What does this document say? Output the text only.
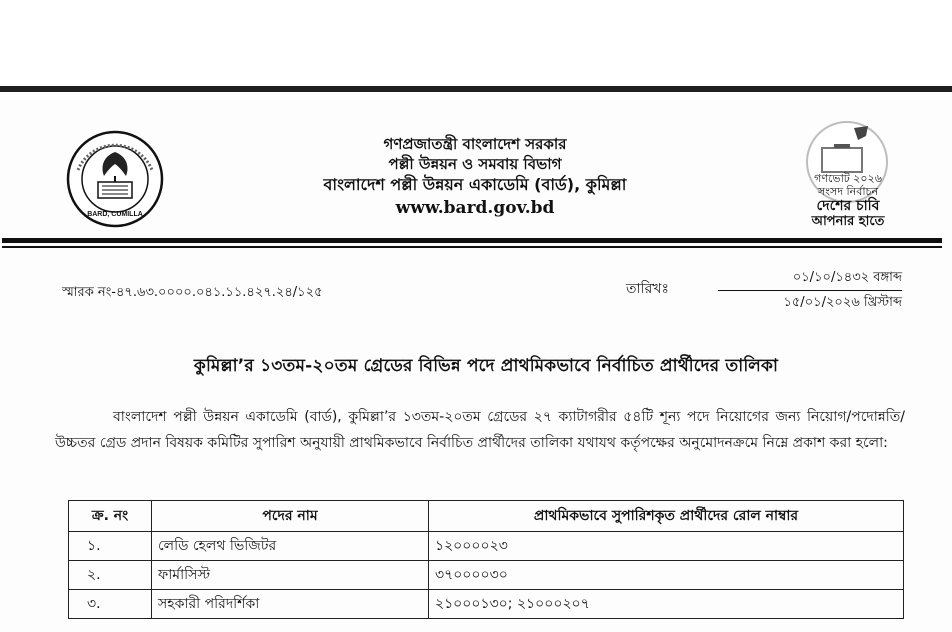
BARD, CUMILLA
গণপ্রজাতন্ত্রী বাংলাদেশ সরকার
পল্লী উন্নয়ন ও সমবায় বিভাগ
বাংলাদেশ পল্লী উন্নয়ন একাডেমি (বার্ড), কুমিল্লা
www.bard.gov.bd
গণভোট ২০২৬
সংসদ নির্বাচন
দেশের চাবি
আপনার হাতে
স্মারক নং-৪৭.৬৩.০০০০.০৪১.১১.৪২৭.২৪/১২৫	তারিখঃ
০১/১০/১৪৩২ বঙ্গাব্দ
১৫/০১/২০২৬ খ্রিস্টাব্দ
কুমিল্লা’র ১৩তম-২০তম গ্রেডের বিভিন্ন পদে প্রাথমিকভাবে নির্বাচিত প্রার্থীদের তালিকা
বাংলাদেশ পল্লী উন্নয়ন একাডেমি (বার্ড), কুমিল্লা’র ১৩তম-২০তম গ্রেডের ২৭ ক্যাটাগরীর ৫৪টি শূন্য পদে নিয়োগের জন্য নিয়োগ/পদোন্নতি/উচ্চতর গ্রেড প্রদান বিষয়ক কমিটির সুপারিশ অনুযায়ী প্রাথমিকভাবে নির্বাচিত প্রার্থীদের তালিকা যথাযথ কর্তৃপক্ষের অনুমোদনক্রমে নিম্নে প্রকাশ করা হলো:
ক্র. নং	পদের নাম	প্রাথমিকভাবে সুপারিশকৃত প্রার্থীদের রোল নাম্বার
১.	লেডি হেলথ ভিজিটর	১২০০০০২৩
২.	ফার্মাসিস্ট	৩৭০০০০৩০
৩.	সহকারী পরিদর্শিকা	২১০০০১৩০; ২১০০০২০৭
